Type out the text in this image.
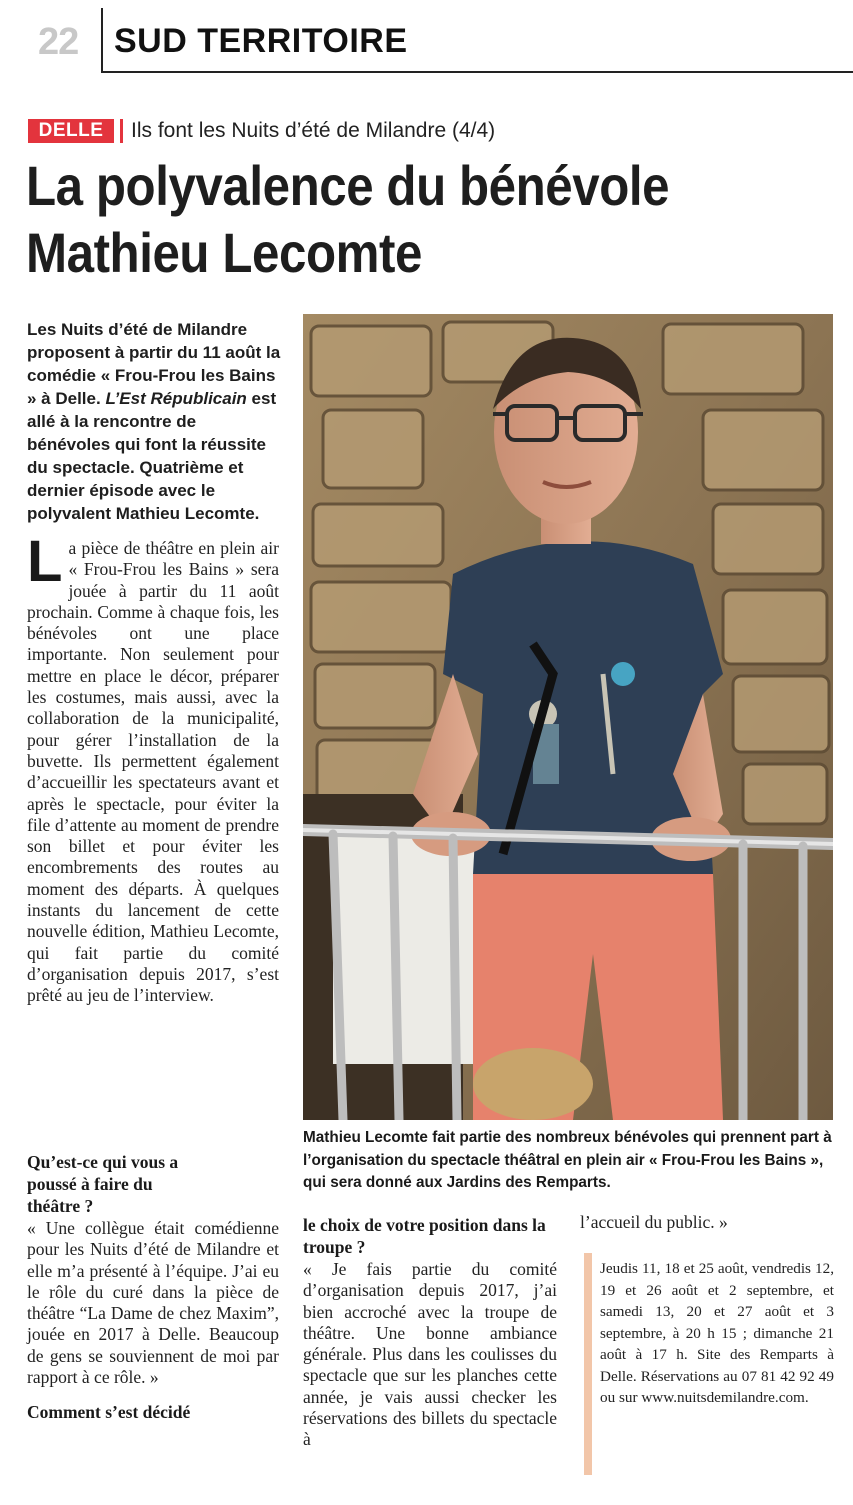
22	SUD TERRITOIRE
DELLE	Ils font les Nuits d’été de Milandre (4/4)
La polyvalence du bénévole
Mathieu Lecomte
Les Nuits d’été de Milandre proposent à partir du 11 août la comédie « Frou-Frou les Bains » à Delle. L’Est Républicain est allé à la rencontre de bénévoles qui font la réussite du spectacle. Quatrième et dernier épisode avec le polyvalent Mathieu Lecomte.
La pièce de théâtre en plein air « Frou-Frou les Bains » sera jouée à partir du 11 août prochain. Comme à chaque fois, les bénévoles ont une place importante. Non seulement pour mettre en place le décor, préparer les costumes, mais aussi, avec la collaboration de la municipalité, pour gérer l’installation de la buvette. Ils permettent également d’accueillir les spectateurs avant et après le spectacle, pour éviter la file d’attente au moment de prendre son billet et pour éviter les encombrements des routes au moment des départs. À quelques instants du lancement de cette nouvelle édition, Mathieu Lecomte, qui fait partie du comité d’organisation depuis 2017, s’est prêté au jeu de l’interview.
Qu’est-ce qui vous a poussé à faire du théâtre ?
« Une collègue était comédienne pour les Nuits d’été de Milandre et elle m’a présenté à l’équipe. J’ai eu le rôle du curé dans la pièce de théâtre “La Dame de chez Maxim”, jouée en 2017 à Delle. Beaucoup de gens se souviennent de moi par rapport à ce rôle. »
Comment s’est décidé
Mathieu Lecomte fait partie des nombreux bénévoles qui prennent part à l’organisation du spectacle théâtral en plein air « Frou-Frou les Bains », qui sera donné aux Jardins des Remparts.
le choix de votre position dans la troupe ?
« Je fais partie du comité d’organisation depuis 2017, j’ai bien accroché avec la troupe de théâtre. Une bonne ambiance générale. Plus dans les coulisses du spectacle que sur les planches cette année, je vais aussi checker les réservations des billets du spectacle à
l’accueil du public. »
Jeudis 11, 18 et 25 août, vendredis 12, 19 et 26 août et 2 septembre, et samedi 13, 20 et 27 août et 3 septembre, à 20 h 15 ; dimanche 21 août à 17 h. Site des Remparts à Delle. Réservations au 07 81 42 92 49 ou sur www.nuitsdemilandre.com.
